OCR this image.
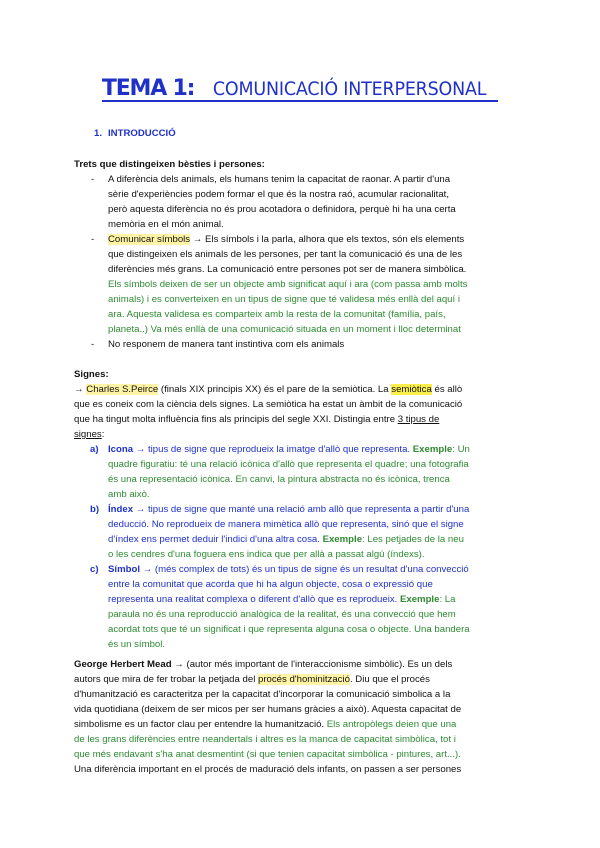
TEMA 1: COMUNICACIÓ INTERPERSONAL
1. INTRODUCCIÓ
Trets que distingeixen bèsties i persones:
- A diferència dels animals, els humans tenim la capacitat de raonar. A partir d'una
sèrie d'experiències podem formar el que és la nostra raó, acumular racionalitat,
però aquesta diferència no és prou acotadora o definidora, perquè hi ha una certa
memòria en el món animal.
- Comunicar símbols → Els símbols i la parla, alhora que els textos, són els elements
que distingeixen els animals de les persones, per tant la comunicació és una de les
diferències més grans. La comunicació entre persones pot ser de manera simbòlica.
Els símbols deixen de ser un objecte amb significat aquí i ara (com passa amb molts
animals) i es converteixen en un tipus de signe que té validesa més enllà del aquí i
ara. Aquesta validesa es comparteix amb la resta de la comunitat (família, país,
planeta..) Va més enllà de una comunicació situada en un moment i lloc determinat
- No responem de manera tant instintiva com els animals
Signes:
→ Charles S.Peirce (finals XIX principis XX) és el pare de la semiòtica. La semiòtica és allò
que es coneix com la ciència dels signes. La semiòtica ha estat un àmbit de la comunicació
que ha tingut molta influència fins als principis del segle XXI. Distingia entre 3 tipus de
signes:
a) Icona → tipus de signe que reprodueix la imatge d'allò que representa. Exemple: Un
quadre figuratiu: té una relació icònica d'allò que representa el quadre; una fotografia
és una representació icònica. En canvi, la pintura abstracta no és icònica, trenca
amb això.
b) Índex → tipus de signe que manté una relació amb allò que representa a partir d'una
deducció. No reprodueix de manera mimètica allò que representa, sinó que el signe
d'índex ens permet deduir l'indici d'una altra cosa. Exemple: Les petjades de la neu
o les cendres d'una foguera ens indica que per allà a passat algú (índexs).
c) Símbol → (més complex de tots) és un tipus de signe és un resultat d'una convecció
entre la comunitat que acorda que hi ha algun objecte, cosa o expressió que
representa una realitat complexa o diferent d'allò que es reprodueix. Exemple: La
paraula no és una reproducció analògica de la realitat, és una convecció que hem
acordat tots que té un significat i que representa alguna cosa o objecte. Una bandera
és un símbol.
George Herbert Mead → (autor més important de l'interaccionisme simbòlic). Es un dels
autors que mira de fer trobar la petjada del procés d'hominització. Diu que el procés
d'humanització es caracteritza per la capacitat d'incorporar la comunicació simbolica a la
vida quotidiana (deixem de ser micos per ser humans gràcies a això). Aquesta capacitat de
simbolisme es un factor clau per entendre la humanització. Els antropòlegs deien que una
de les grans diferències entre neandertals i altres es la manca de capacitat simbòlica, tot i
que més endavant s'ha anat desmentint (si que tenien capacitat simbòlica - pintures, art...).
Una diferència important en el procés de maduració dels infants, on passen a ser persones
